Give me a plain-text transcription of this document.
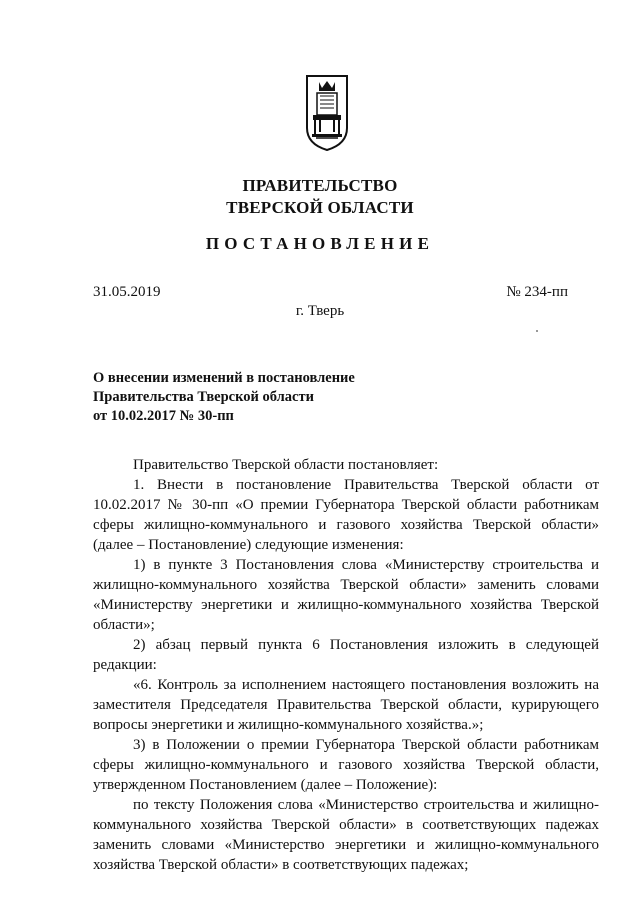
ПРАВИТЕЛЬСТВО
ТВЕРСКОЙ ОБЛАСТИ
ПОСТАНОВЛЕНИЕ
31.05.2019	№ 234-пп
г. Тверь
О внесении изменений в постановление
Правительства Тверской области
от 10.02.2017 № 30-пп

Правительство Тверской области постановляет:

1. Внести в постановление Правительства Тверской области от 10.02.2017 № 30-пп «О премии Губернатора Тверской области работникам сферы жилищно-коммунального и газового хозяйства Тверской области» (далее – Постановление) следующие изменения:

1) в пункте 3 Постановления слова «Министерству строительства и жилищно-коммунального хозяйства Тверской области» заменить словами «Министерству энергетики и жилищно-коммунального хозяйства Тверской области»;

2) абзац первый пункта 6 Постановления изложить в следующей редакции:

«6. Контроль за исполнением настоящего постановления возложить на заместителя Председателя Правительства Тверской области, курирующего вопросы энергетики и жилищно-коммунального хозяйства.»;

3) в Положении о премии Губернатора Тверской области работникам сферы жилищно-коммунального и газового хозяйства Тверской области, утвержденном Постановлением (далее – Положение):

по тексту Положения слова «Министерство строительства и жилищно-коммунального хозяйства Тверской области» в соответствующих падежах заменить словами «Министерство энергетики и жилищно-коммунального хозяйства Тверской области» в соответствующих падежах;
